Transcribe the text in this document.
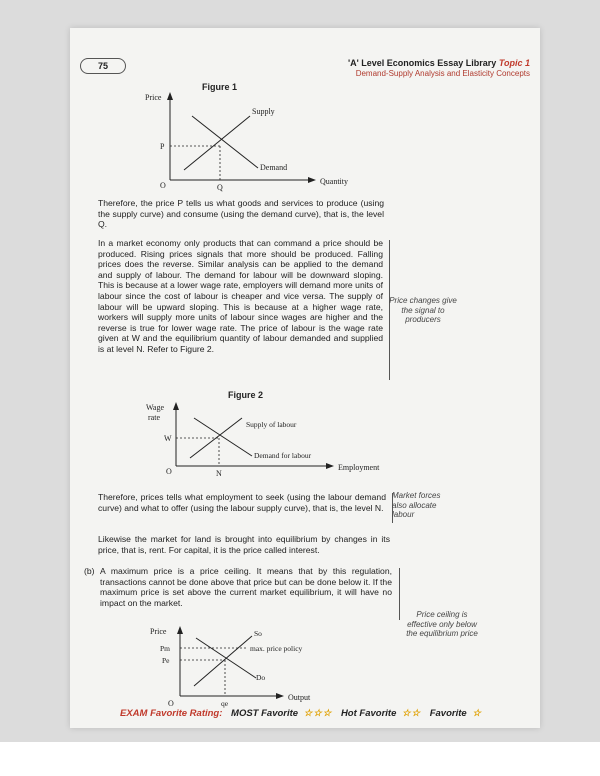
75	'A' Level Economics Essay Library Topic 1
Demand-Supply Analysis and Elasticity Concepts
Figure 1
Price
P
Supply
Demand
O	Q
Quantity
Therefore, the price P tells us what goods and services to produce (using the supply curve) and consume (using the demand curve), that is, the level Q.
In a market economy only products that can command a price should be produced. Rising prices signals that more should be produced. Falling prices does the reverse. Similar analysis can be applied to the demand and supply of labour. The demand for labour will be downward sloping. This is because at a lower wage rate, employers will demand more units of labour since the cost of labour is cheaper and vice versa. The supply of labour will be upward sloping. This is because at a higher wage rate, workers will supply more units of labour since wages are higher and the reverse is true for lower wage rate. The price of labour is the wage rate given at W and the equilibrium quantity of labour demanded and supplied is at level N. Refer to Figure 2.
Price changes give the signal to producers
Figure 2
Wage
rate
W
Supply of labour
Demand for labour
O	N
Employment
Therefore, prices tells what employment to seek (using the labour demand curve) and what to offer (using the labour supply curve), that is, the level N.
Market forces also allocate labour
Likewise the market for land is brought into equilibrium by changes in its price, that is, rent. For capital, it is the price called interest.
(b) A maximum price is a price ceiling. It means that by this regulation, transactions cannot be done above that price but can be done below it. If the maximum price is set above the current market equilibrium, it will have no impact on the market.
Price ceiling is effective only below the equilibrium price
Price
Pm
Pe
So
max. price policy
Do
O	qe
Output
EXAM Favorite Rating: MOST Favorite ☆☆☆ Hot Favorite ☆☆ Favorite ☆
